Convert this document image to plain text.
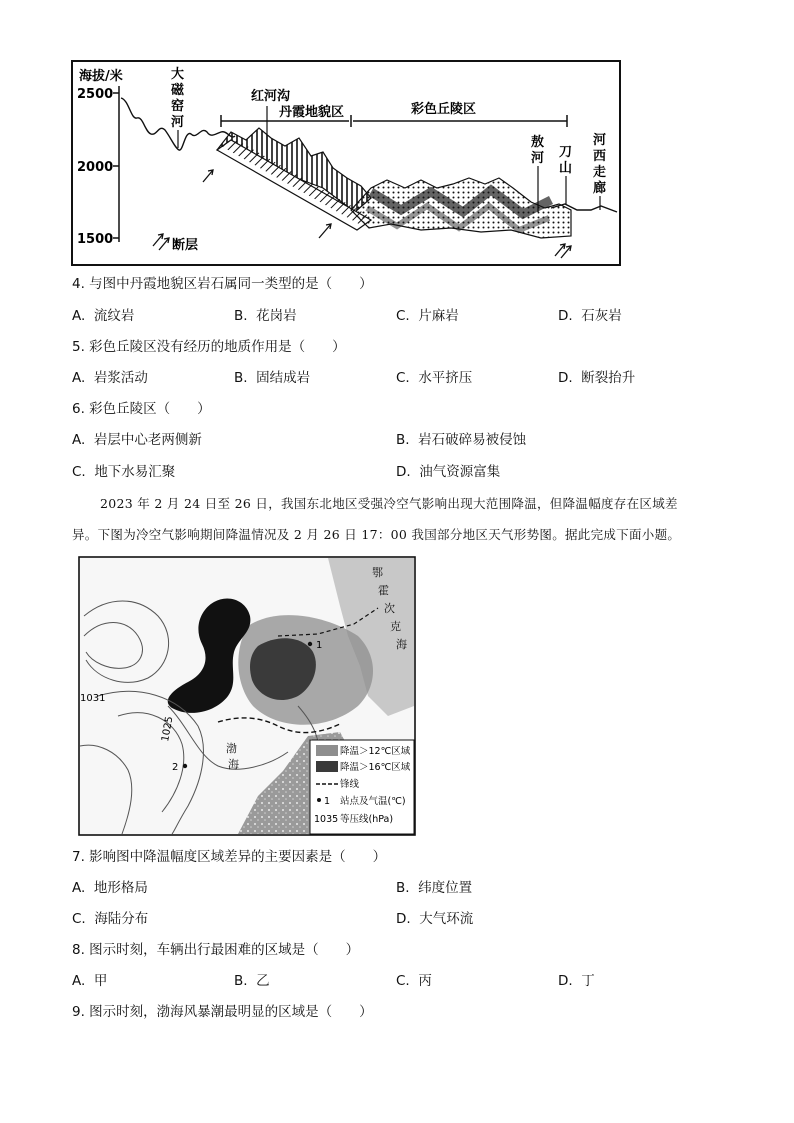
海拔/米
2500
2000
1500
大磁窑河
红河沟
丹霞地貌区	彩色丘陵区
敖河 刀山
河西走廊
断层
4. 与图中丹霞地貌区岩石属同一类型的是（　　）
A. 流纹岩	B. 花岗岩	C. 片麻岩	D. 石灰岩
5. 彩色丘陵区没有经历的地质作用是（　　）
A. 岩浆活动	B. 固结成岩	C. 水平挤压	D. 断裂抬升
6. 彩色丘陵区（　　）
A. 岩层中心老两侧新	B. 岩石破碎易被侵蚀
C. 地下水易汇聚	D. 油气资源富集
2023 年 2 月 24 日至 26 日，我国东北地区受强冷空气影响出现大范围降温，但降温幅度存在区域差
异。下图为冷空气影响期间降温情况及 2 月 26 日 17：00 我国部分地区天气形势图。据此完成下面小题。
1031
1025
2
1
鄂霍次克海
渤海
降温＞12℃区域
降温＞16℃区域
锋线
1 站点及气温(℃)
1035 等压线(hPa)
7. 影响图中降温幅度区域差异的主要因素是（　　）
A. 地形格局	B. 纬度位置
C. 海陆分布	D. 大气环流
8. 图示时刻，车辆出行最困难的区域是（　　）
A. 甲	B. 乙	C. 丙	D. 丁
9. 图示时刻，渤海风暴潮最明显的区域是（　　）
